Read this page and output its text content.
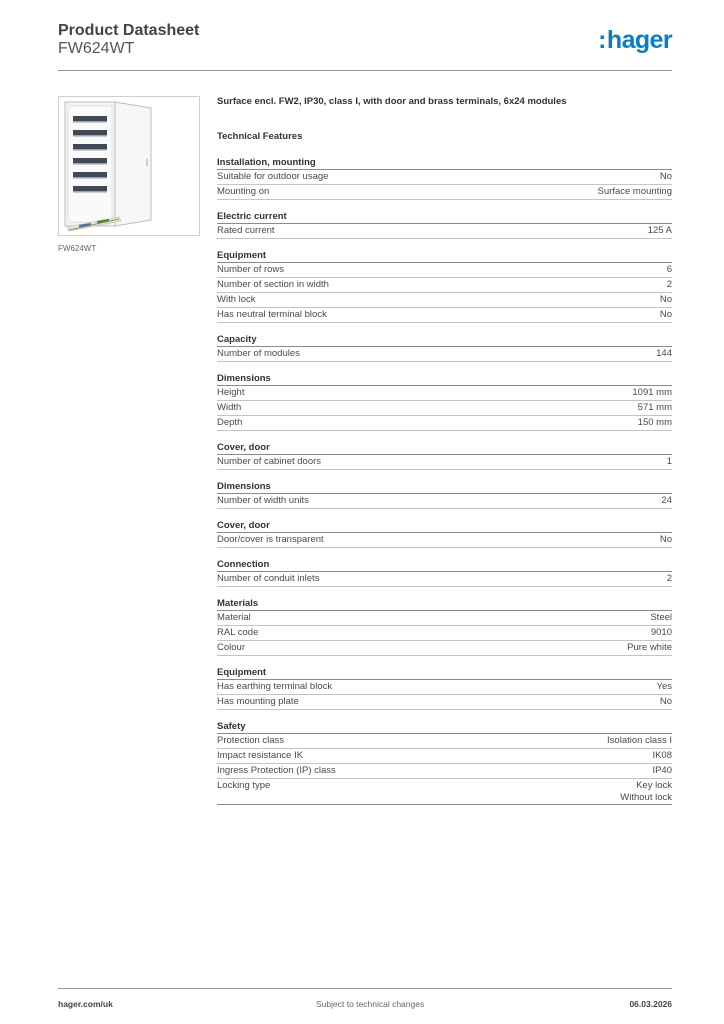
Product Datasheet
FW624WT	:hager
FW624WT
Surface encl. FW2, IP30, class I, with door and brass terminals, 6x24 modules
Technical Features
Installation, mounting
Suitable for outdoor usage	No
Mounting on	Surface mounting
Electric current
Rated current	125 A
Equipment
Number of rows	6
Number of section in width	2
With lock	No
Has neutral terminal block	No
Capacity
Number of modules	144
Dimensions
Height	1091 mm
Width	571 mm
Depth	150 mm
Cover, door
Number of cabinet doors	1
Dimensions
Number of width units	24
Cover, door
Door/cover is transparent	No
Connection
Number of conduit inlets	2
Materials
Material	Steel
RAL code	9010
Colour	Pure white
Equipment
Has earthing terminal block	Yes
Has mounting plate	No
Safety
Protection class	Isolation class I
Impact resistance IK	IK08
Ingress Protection (IP) class	IP40
Locking type	Key lock
Without lock
hager.com/uk	Subject to technical changes	06.03.2026
